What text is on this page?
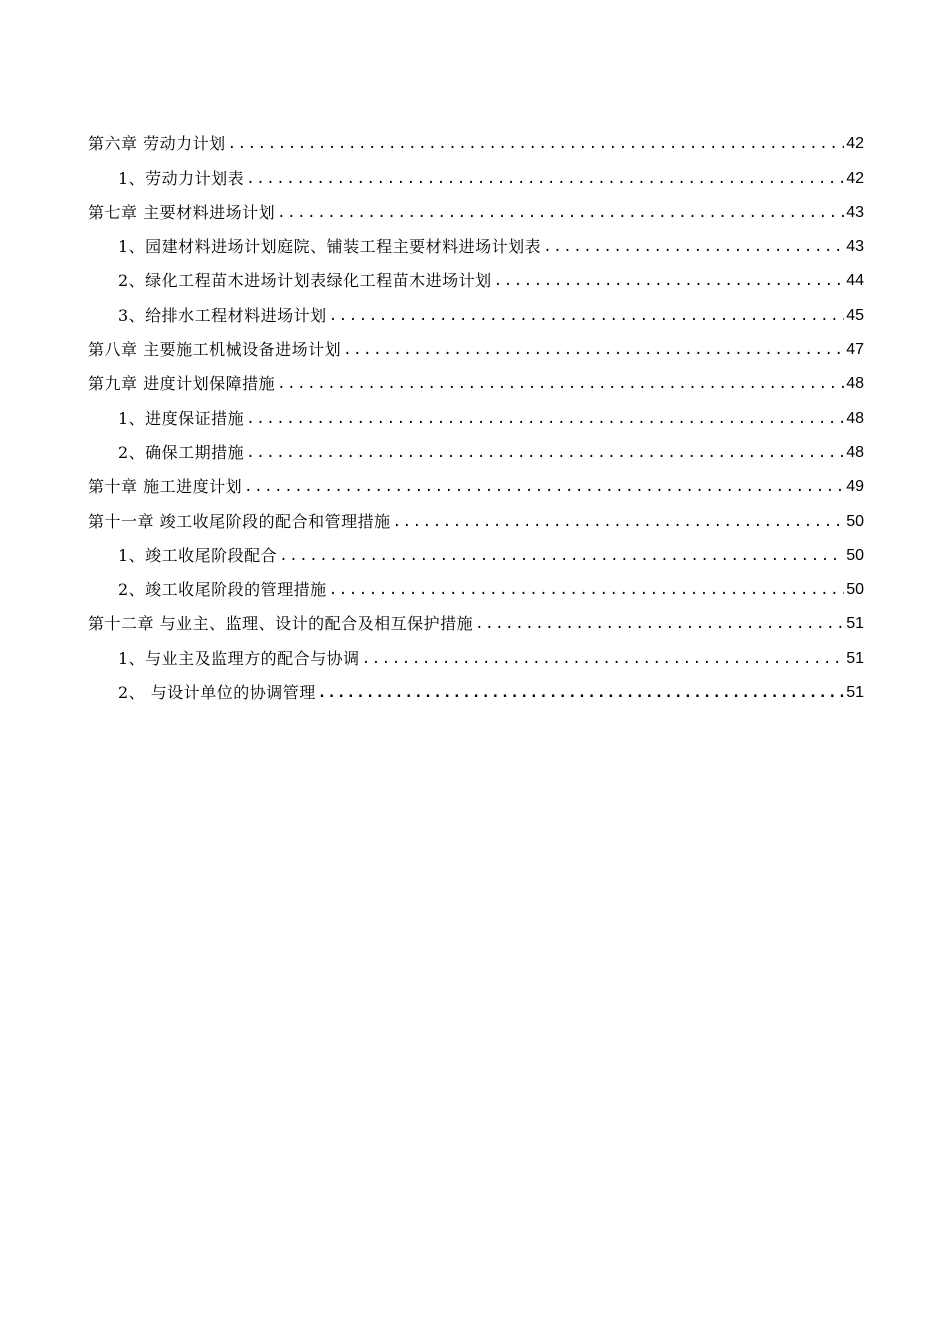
第六章 劳动力计划 .....	42
1、劳动力计划表 .....	42
第七章 主要材料进场计划 .....	43
1、园建材料进场计划庭院、铺装工程主要材料进场计划表 .....	43
2、绿化工程苗木进场计划表绿化工程苗木进场计划 .....	44
3、给排水工程材料进场计划 .....	45
第八章 主要施工机械设备进场计划 .....	47
第九章 进度计划保障措施 .....	48
1、进度保证措施 .....	48
2、确保工期措施 .....	48
第十章 施工进度计划 .....	49
第十一章 竣工收尾阶段的配合和管理措施 .....	50
1、竣工收尾阶段配合 .....	50
2、竣工收尾阶段的管理措施 .....	50
第十二章 与业主、监理、设计的配合及相互保护措施 .....	51
1、与业主及监理方的配合与协调 .....	51
2、 与设计单位的协调管理 .....	51
